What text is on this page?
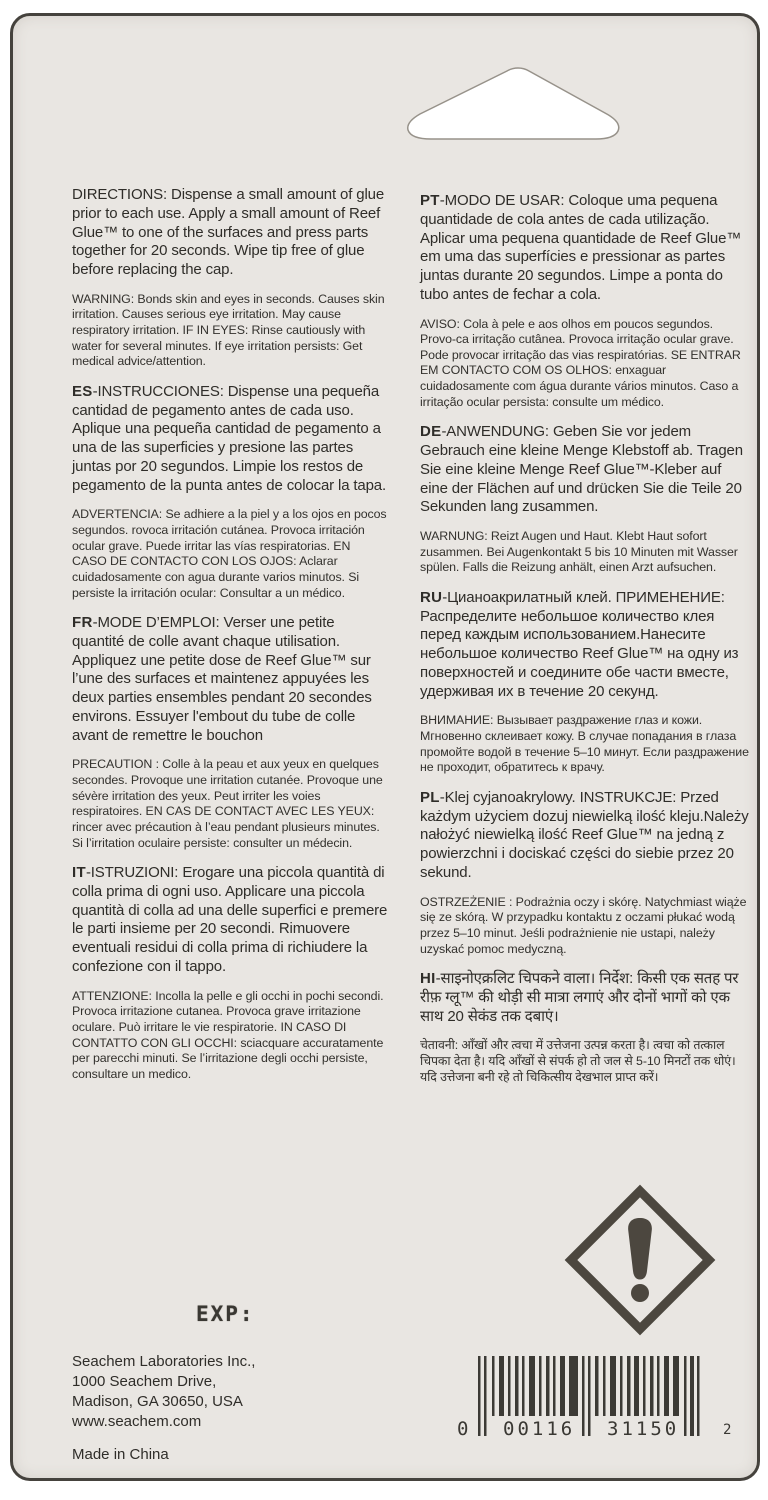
DIRECTIONS: Dispense a small amount of glue prior to each use. Apply a small amount of Reef Glue™ to one of the surfaces and press parts together for 20 seconds. Wipe tip free of glue before replacing the cap.

WARNING: Bonds skin and eyes in seconds. Causes skin irritation. Causes serious eye irritation. May cause respiratory irritation. IF IN EYES: Rinse cautiously with water for several minutes. If eye irritation persists: Get medical advice/attention.

ES-INSTRUCCIONES: Dispense una pequeña cantidad de pegamento antes de cada uso. Aplique una pequeña cantidad de pegamento a una de las superficies y presione las partes juntas por 20 segundos. Limpie los restos de pegamento de la punta antes de colocar la tapa.

ADVERTENCIA: Se adhiere a la piel y a los ojos en pocos segundos. rovoca irritación cutánea. Provoca irritación ocular grave. Puede irritar las vías respiratorias. EN CASO DE CONTACTO CON LOS OJOS: Aclarar cuidadosamente con agua durante varios minutos. Si persiste la irritación ocular: Consultar a un médico.

FR-MODE D’EMPLOI: Verser une petite quantité de colle avant chaque utilisation. Appliquez une petite dose de Reef Glue™ sur l’une des surfaces et maintenez appuyées les deux parties ensembles pendant 20 secondes environs. Essuyer l'embout du tube de colle avant de remettre le bouchon

PRECAUTION : Colle à la peau et aux yeux en quelques secondes. Provoque une irritation cutanée. Provoque une sévère irritation des yeux. Peut irriter les voies respiratoires. EN CAS DE CONTACT AVEC LES YEUX: rincer avec précaution à l’eau pendant plusieurs minutes. Si l’irritation oculaire persiste: consulter un médecin.

IT-ISTRUZIONI: Erogare una piccola quantità di colla prima di ogni uso. Applicare una piccola quantità di colla ad una delle superfici e premere le parti insieme per 20 secondi. Rimuovere eventuali residui di colla prima di richiudere la confezione con il tappo.

ATTENZIONE: Incolla la pelle e gli occhi in pochi secondi. Provoca irritazione cutanea. Provoca grave irritazione oculare. Può irritare le vie respiratorie. IN CASO DI CONTATTO CON GLI OCCHI: sciacquare accuratamente per parecchi minuti. Se l’irritazione degli occhi persiste, consultare un medico.

PT-MODO DE USAR: Coloque uma pequena quantidade de cola antes de cada utilização. Aplicar uma pequena quantidade de Reef Glue™ em uma das superfícies e pressionar as partes juntas durante 20 segundos. Limpe a ponta do tubo antes de fechar a cola.

AVISO: Cola à pele e aos olhos em poucos segundos. Provo-ca irritação cutânea. Provoca irritação ocular grave. Pode provocar irritação das vias respiratórias. SE ENTRAR EM CONTACTO COM OS OLHOS: enxaguar cuidadosamente com água durante vários minutos. Caso a irritação ocular persista: consulte um médico.

DE-ANWENDUNG: Geben Sie vor jedem Gebrauch eine kleine Menge Klebstoff ab. Tragen Sie eine kleine Menge Reef Glue™-Kleber auf eine der Flächen auf und drücken Sie die Teile 20 Sekunden lang zusammen.

WARNUNG: Reizt Augen und Haut. Klebt Haut sofort zusammen. Bei Augenkontakt 5 bis 10 Minuten mit Wasser spülen. Falls die Reizung anhält, einen Arzt aufsuchen.

RU-Цианоакрилатный клей. ПРИМЕНЕНИЕ: Распределите небольшое количество клея перед каждым использованием.Нанесите небольшое количество Reef Glue™ на одну из поверхностей и соедините обе части вместе, удерживая их в течение 20 секунд.

ВНИМАНИЕ: Вызывает раздражение глаз и кожи. Мгновенно склеивает кожу. В случае попадания в глаза промойте водой в течение 5–10 минут. Если раздражение не проходит, обратитесь к врачу.

PL-Klej cyjanoakrylowy. INSTRUKCJE: Przed każdym użyciem dozuj niewielką ilość kleju.Należy nałożyć niewielką ilość Reef Glue™ na jedną z powierzchni i dociskać części do siebie przez 20 sekund.

OSTRZEŻENIE : Podrażnia oczy i skórę. Natychmiast wiąże się ze skórą. W przypadku kontaktu z oczami płukać wodą przez 5–10 minut. Jeśli podrażnienie nie ustapi, należy uzyskać pomoc medyczną.

HI-साइनोएक्रलिट चिपकने वाला। निर्देश: किसी एक सतह पर रीफ़ ग्लू™ की थोड़ी सी मात्रा लगाएं और दोनों भागों को एक साथ 20 सेकंड तक दबाएं।

चेतावनी: आँखों और त्वचा में उत्तेजना उत्पन्न करता है। त्वचा को तत्काल चिपका देता है। यदि आँखों से संपर्क हो तो जल से 5-10 मिनटों तक धोएं। यदि उत्तेजना बनी रहे तो चिकित्सीय देखभाल प्राप्त करें।

EXP:
Seachem Laboratories Inc.,
1000 Seachem Drive,
Madison, GA 30650, USA
www.seachem.com
Made in China
0 00116 31150	2
